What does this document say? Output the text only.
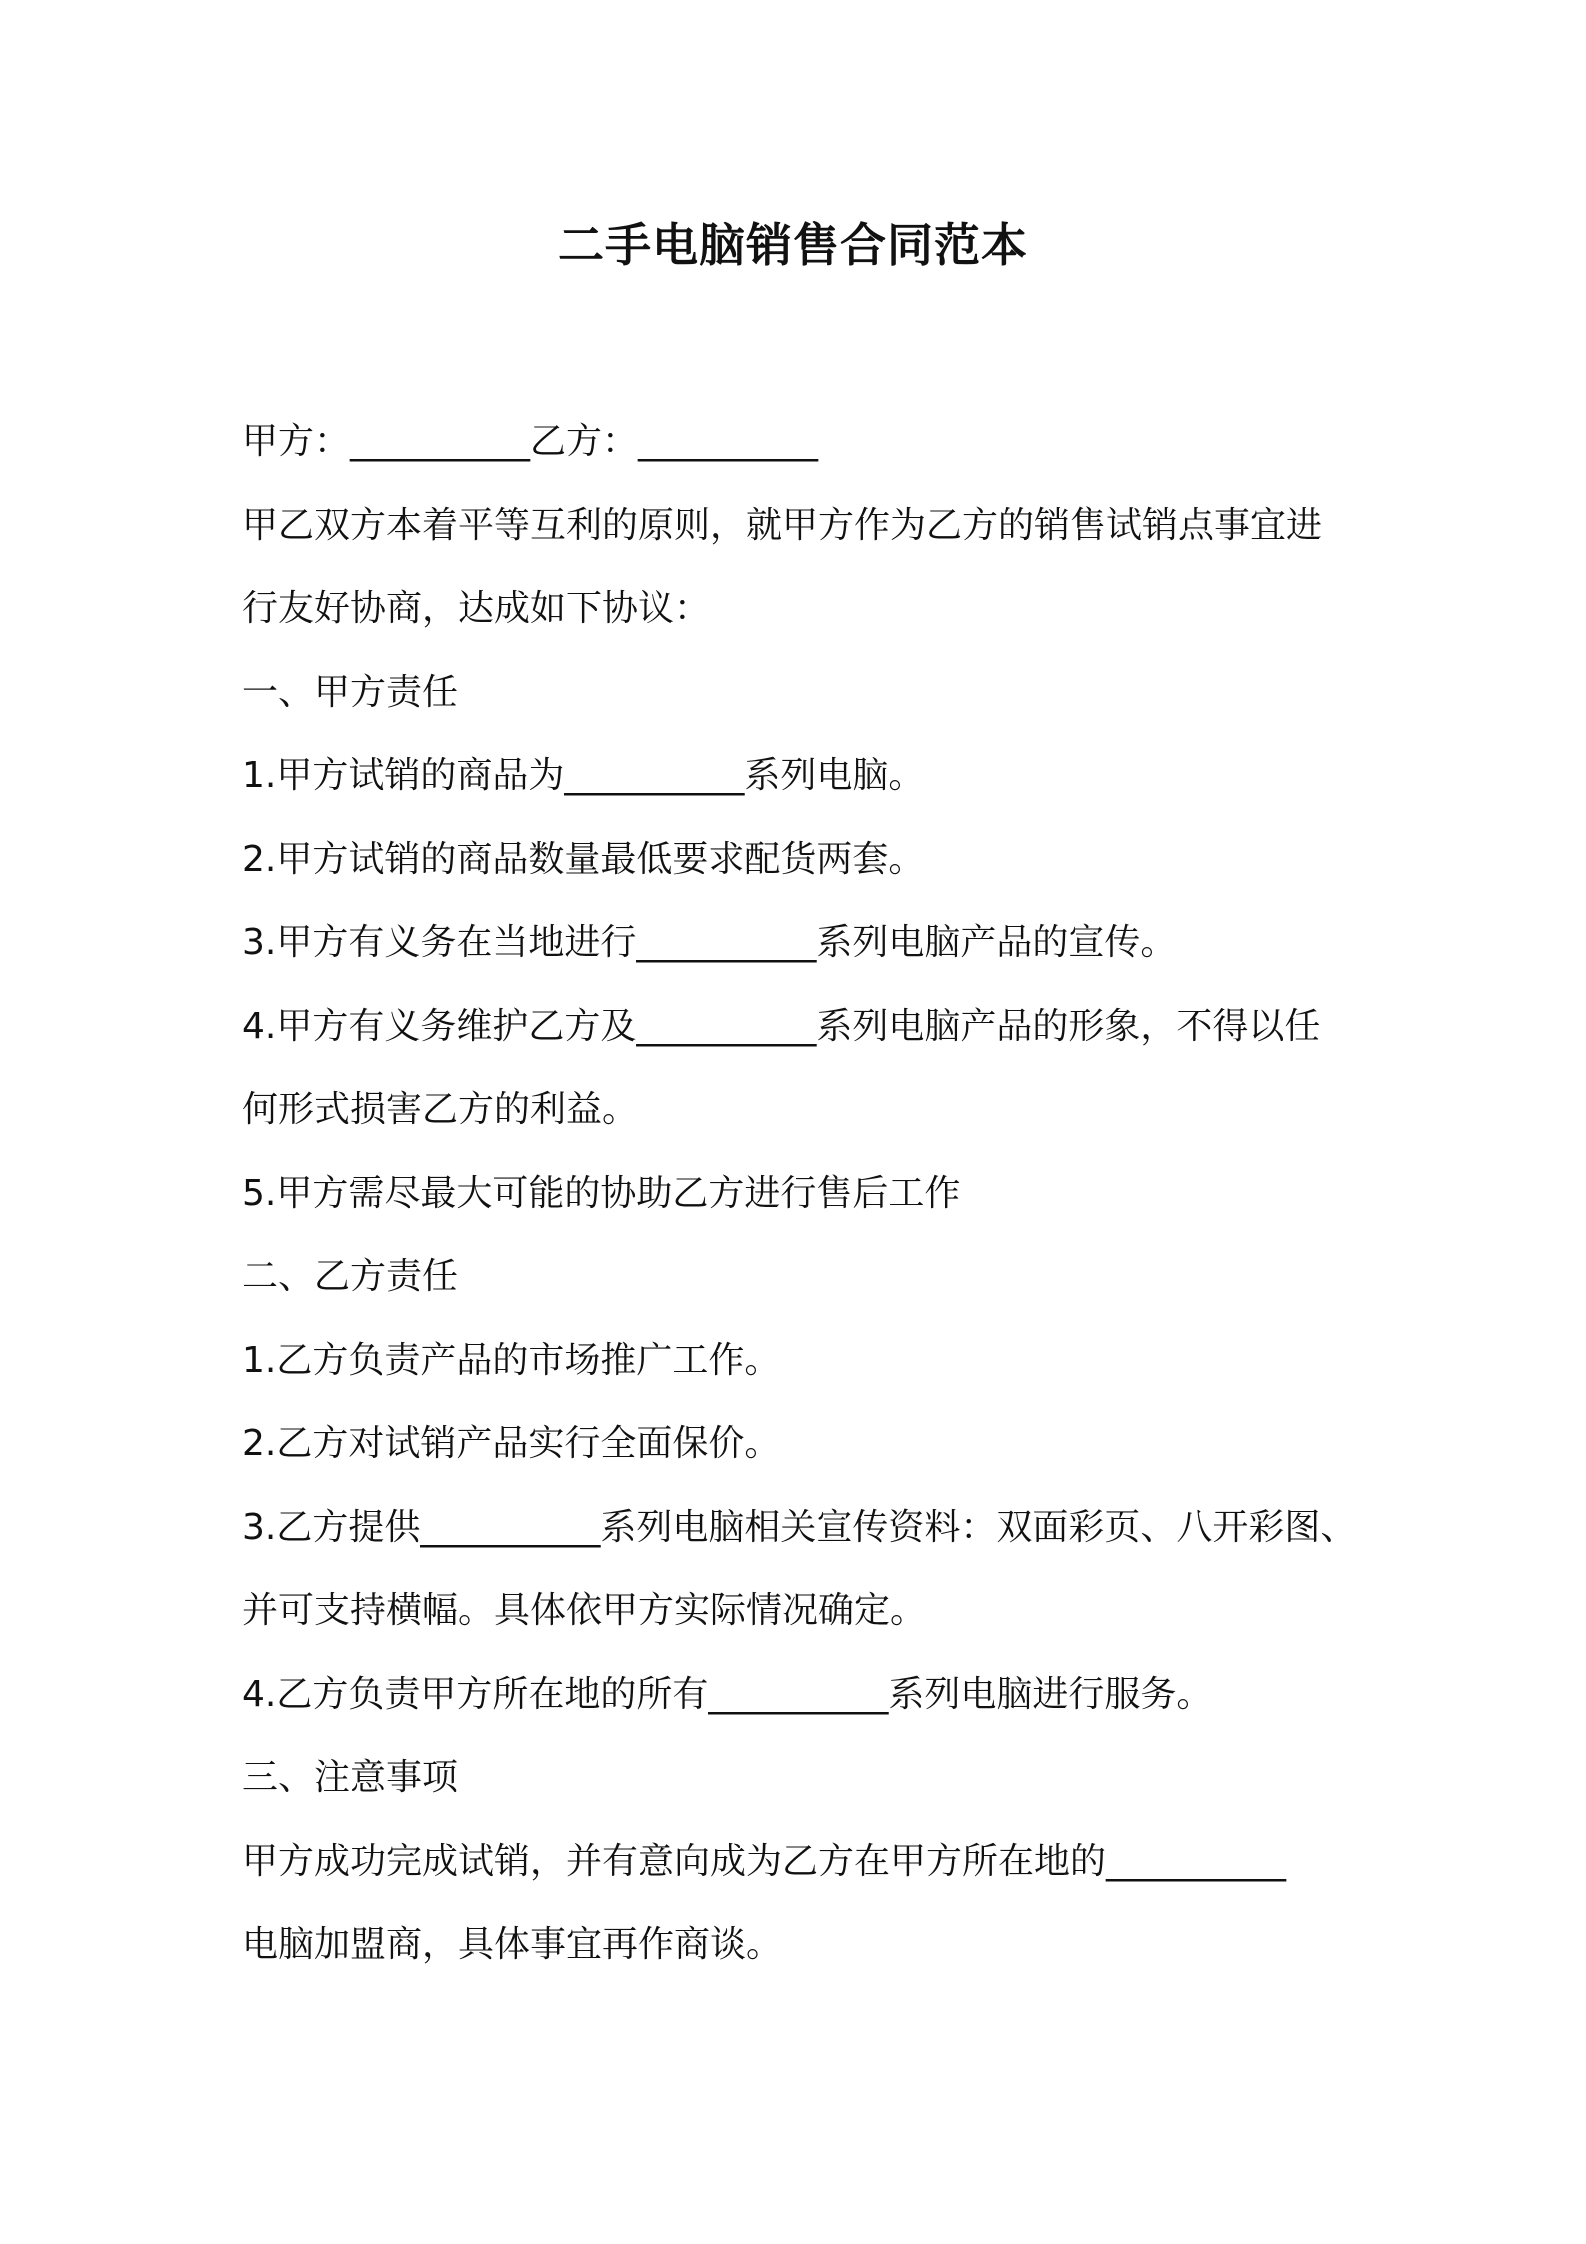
二手电脑销售合同范本

甲方：__________乙方：__________

甲乙双方本着平等互利的原则，就甲方作为乙方的销售试销点事宜进

行友好协商，达成如下协议：

一、甲方责任

1.甲方试销的商品为__________系列电脑。

2.甲方试销的商品数量最低要求配货两套。

3.甲方有义务在当地进行__________系列电脑产品的宣传。

4.甲方有义务维护乙方及__________系列电脑产品的形象，不得以任

何形式损害乙方的利益。

5.甲方需尽最大可能的协助乙方进行售后工作

二、乙方责任

1.乙方负责产品的市场推广工作。

2.乙方对试销产品实行全面保价。

3.乙方提供__________系列电脑相关宣传资料：双面彩页、八开彩图、

并可支持横幅。具体依甲方实际情况确定。

4.乙方负责甲方所在地的所有__________系列电脑进行服务。

三、注意事项

甲方成功完成试销，并有意向成为乙方在甲方所在地的__________

电脑加盟商，具体事宜再作商谈。
